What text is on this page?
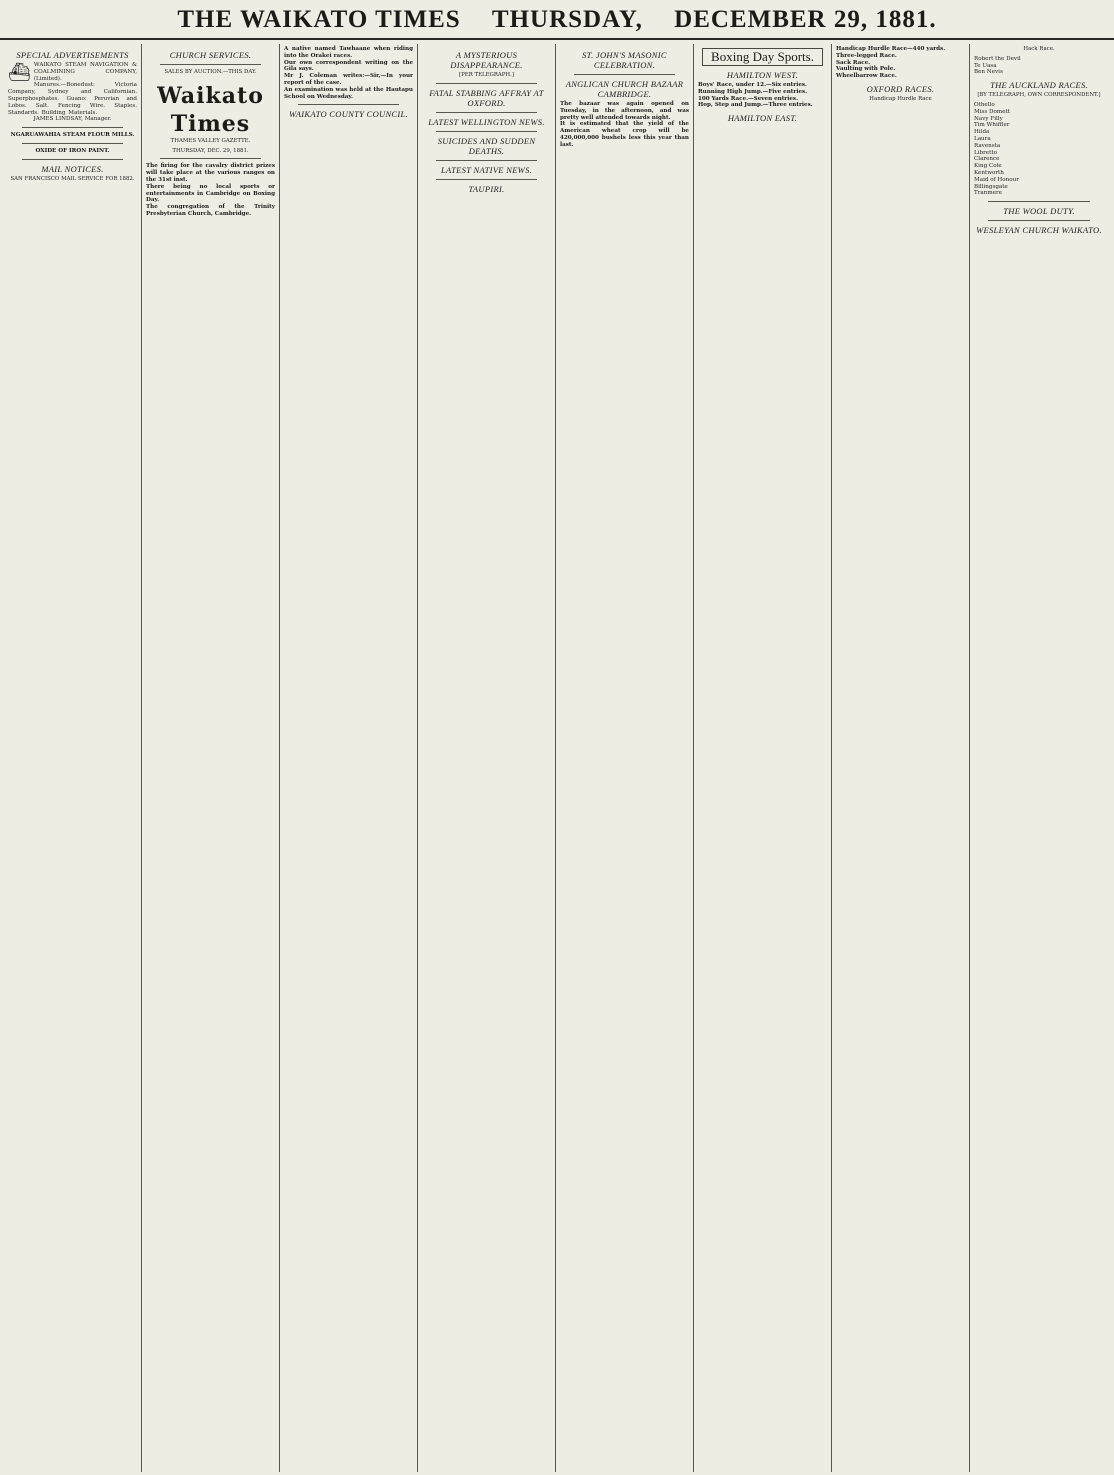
THE WAIKATO TIMES THURSDAY, DECEMBER 29, 1881.
SPECIAL ADVERTISEMENTS

⛴ WAIKATO STEAM NAVIGATION & COALMINING COMPANY, (Limited).

Manures.—Bonedust: Victoria Company, Sydney and Californian. Superphosphates. Guano: Peruvian and Lobos. Salt. Fencing Wire. Staples. Standards. Building Materials.

JAMES LINDSAY, Manager.

NGARUAWAHIA STEAM FLOUR MILLS.

OXIDE OF IRON PAINT.

MAIL NOTICES.
SAN FRANCISCO MAIL SERVICE FOR 1882.
CHURCH SERVICES.
SALES BY AUCTION.—THIS DAY.
Waikato Times
THAMES VALLEY GAZETTE.
THURSDAY, DEC. 29, 1881.

The firing for the cavalry district prizes will take place at the various ranges on the 31st inst.

There being no local sports or entertainments in Cambridge on Boxing Day.

The congregation of the Trinity Presbyterian Church, Cambridge.

A native named Tawhaane when riding into the Orakei races.

Our own correspondent writing on the Gila says.

Mr J. Coleman writes:—Sir,—In your report of the case.

An examination was held at the Hautapu School on Wednesday.

WAIKATO COUNTY COUNCIL.
A MYSTERIOUS DISAPPEARANCE.
[PER TELEGRAPH.]
FATAL STABBING AFFRAY AT OXFORD.
LATEST WELLINGTON NEWS.
SUICIDES AND SUDDEN DEATHS.
LATEST NATIVE NEWS.
TAUPIRI.
ST. JOHN'S MASONIC CELEBRATION.
ANGLICAN CHURCH BAZAAR CAMBRIDGE.

The bazaar was again opened on Tuesday, in the afternoon, and was pretty well attended towards night.

It is estimated that the yield of the American wheat crop will be 420,000,000 bushels less this year than last.

Boxing Day Sports.
HAMILTON WEST.

Boys' Race, under 12.—Six entries.

Running High Jump.—Five entries.

100 Yards Race.—Seven entries.

Hop, Step and Jump.—Three entries.

HAMILTON EAST.

Handicap Hurdle Race—440 yards.

Three-legged Race.

Sack Race.

Vaulting with Pole.

Wheelbarrow Race.

OXFORD RACES.
Handicap Hurdle Race
Hack Race.

Robert the Devil

Te Uasa

Ben Nevis

THE AUCKLAND RACES.
[BY TELEGRAPH, OWN CORRESPONDENT.]

Othello

Miss Domett

Navy Filly

Tim Whiffler

Hilda

Laura

Ravensta

Libretto

Clarence

King Cole

Kentworth

Maid of Honour

Billingsgate

Tranmere

THE WOOL DUTY.
WESLEYAN CHURCH WAIKATO.
